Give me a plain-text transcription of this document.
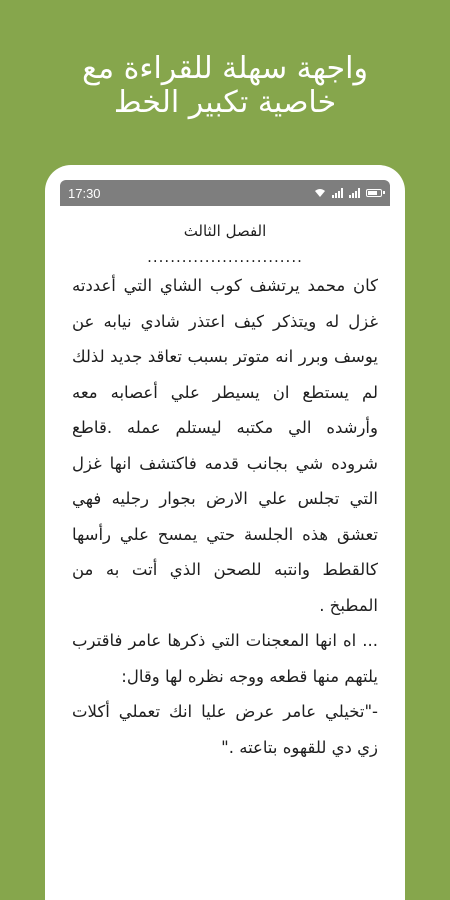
واجهة سهلة للقراءة مع
خاصية تكبير الخط
17:30
الفصل الثالث
...........................

كان محمد يرتشف كوب الشاي التي أعددته غزل له ويتذكر كيف اعتذر شادي نيابه عن يوسف وبرر انه متوتر بسبب تعاقد جديد لذلك لم يستطع ان يسيطر علي أعصابه معه وأرشده الي مكتبه ليستلم عمله .قاطع شروده شي بجانب قدمه فاكتشف انها غزل التي تجلس علي الارض بجوار رجليه فهي تعشق هذه الجلسة حتي يمسح علي رأسها كالقطط وانتبه للصحن الذي أتت به من المطبخ .

... اه انها المعجنات التي ذكرها عامر فاقترب يلتهم منها قطعه ووجه نظره لها وقال:

-"تخيلي عامر عرض عليا انك تعملي أكلات زي دي للقهوه بتاعته ."
